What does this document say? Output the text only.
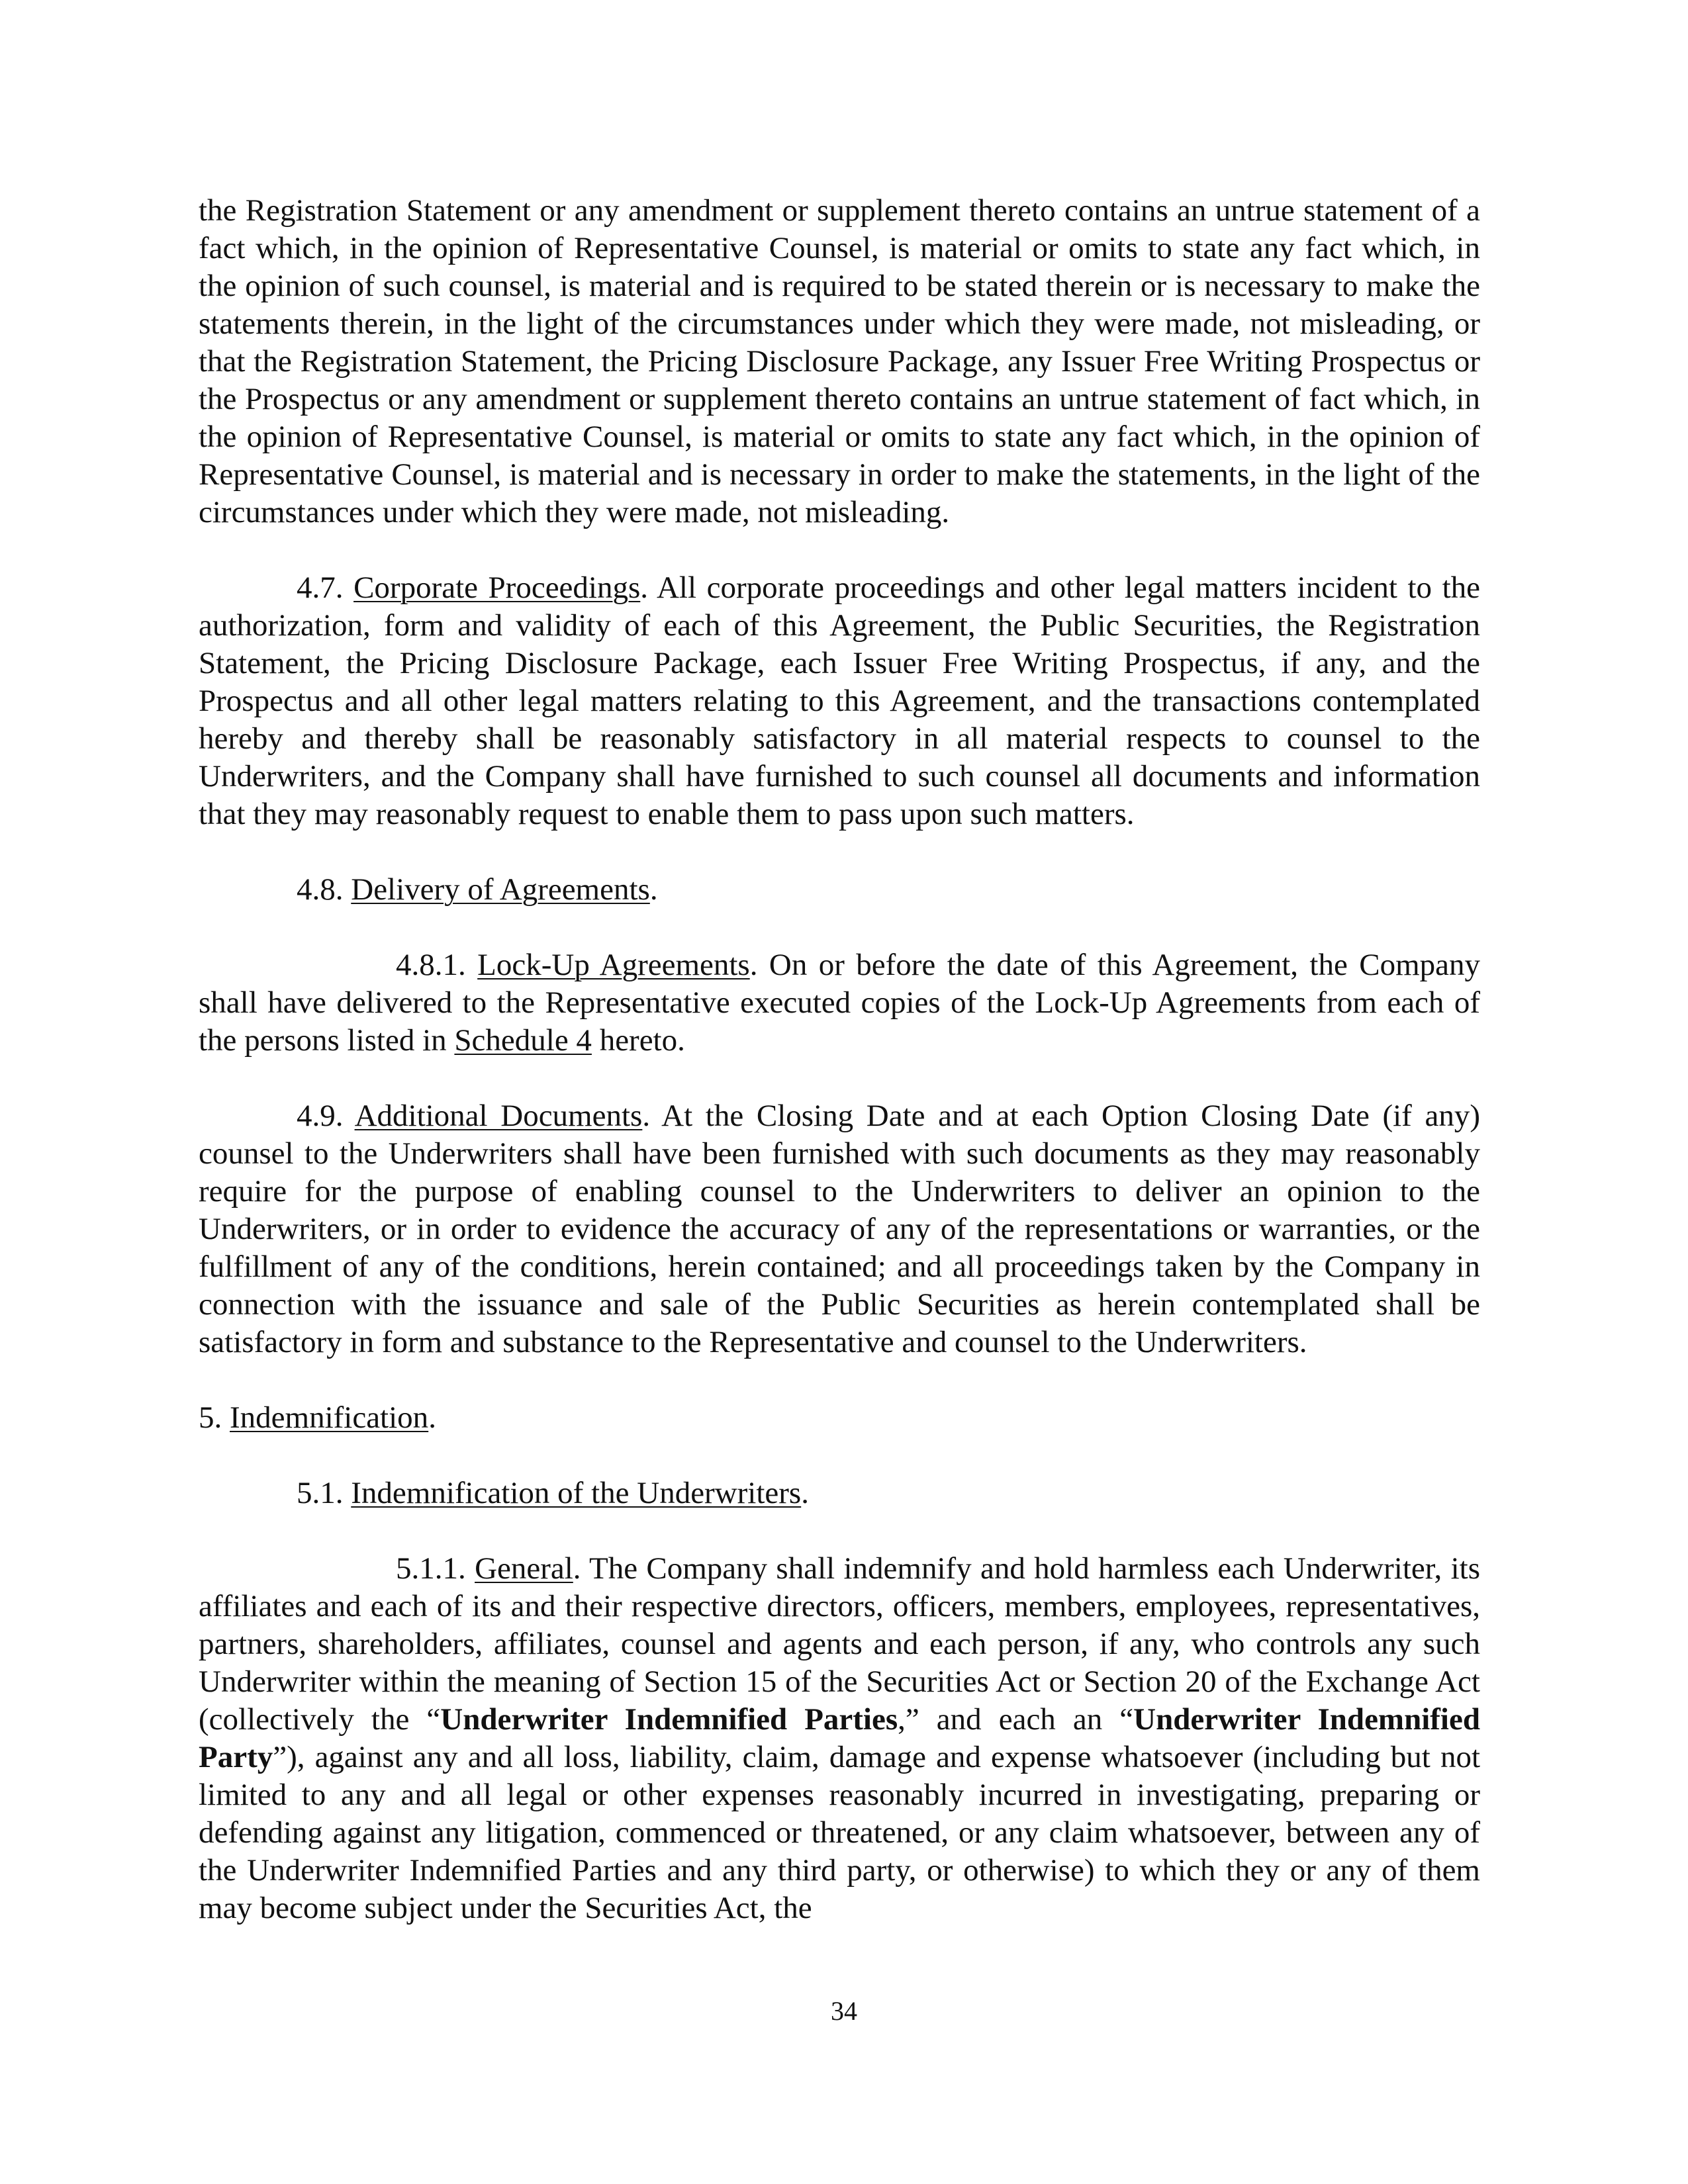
the Registration Statement or any amendment or supplement thereto contains an untrue statement of a fact which, in the opinion of Representative Counsel, is material or omits to state any fact which, in the opinion of such counsel, is material and is required to be stated therein or is necessary to make the statements therein, in the light of the circumstances under which they were made, not misleading, or that the Registration Statement, the Pricing Disclosure Package, any Issuer Free Writing Prospectus or the Prospectus or any amendment or supplement thereto contains an untrue statement of fact which, in the opinion of Representative Counsel, is material or omits to state any fact which, in the opinion of Representative Counsel, is material and is necessary in order to make the statements, in the light of the circumstances under which they were made, not misleading.

4.7. Corporate Proceedings. All corporate proceedings and other legal matters incident to the authorization, form and validity of each of this Agreement, the Public Securities, the Registration Statement, the Pricing Disclosure Package, each Issuer Free Writing Prospectus, if any, and the Prospectus and all other legal matters relating to this Agreement, and the transactions contemplated hereby and thereby shall be reasonably satisfactory in all material respects to counsel to the Underwriters, and the Company shall have furnished to such counsel all documents and information that they may reasonably request to enable them to pass upon such matters.

4.8. Delivery of Agreements.

4.8.1. Lock-Up Agreements. On or before the date of this Agreement, the Company shall have delivered to the Representative executed copies of the Lock-Up Agreements from each of the persons listed in Schedule 4 hereto.

4.9. Additional Documents. At the Closing Date and at each Option Closing Date (if any) counsel to the Underwriters shall have been furnished with such documents as they may reasonably require for the purpose of enabling counsel to the Underwriters to deliver an opinion to the Underwriters, or in order to evidence the accuracy of any of the representations or warranties, or the fulfillment of any of the conditions, herein contained; and all proceedings taken by the Company in connection with the issuance and sale of the Public Securities as herein contemplated shall be satisfactory in form and substance to the Representative and counsel to the Underwriters.

5. Indemnification.

5.1. Indemnification of the Underwriters.

5.1.1. General. The Company shall indemnify and hold harmless each Underwriter, its affiliates and each of its and their respective directors, officers, members, employees, representatives, partners, shareholders, affiliates, counsel and agents and each person, if any, who controls any such Underwriter within the meaning of Section 15 of the Securities Act or Section 20 of the Exchange Act (collectively the “Underwriter Indemnified Parties,” and each an “Underwriter Indemnified Party”), against any and all loss, liability, claim, damage and expense whatsoever (including but not limited to any and all legal or other expenses reasonably incurred in investigating, preparing or defending against any litigation, commenced or threatened, or any claim whatsoever, between any of the Underwriter Indemnified Parties and any third party, or otherwise) to which they or any of them may become subject under the Securities Act, the

34
